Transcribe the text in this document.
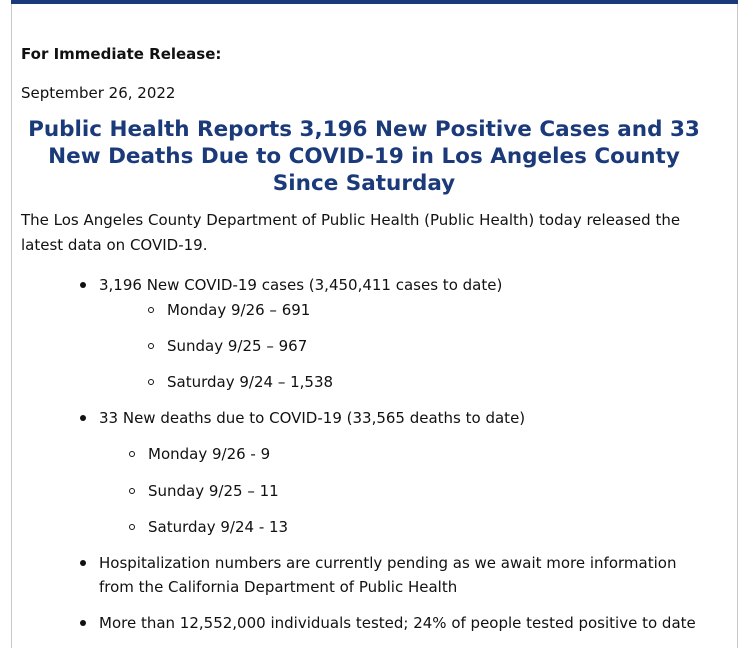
For Immediate Release:

September 26, 2022

Public Health Reports 3,196 New Positive Cases and 33
New Deaths Due to COVID-19 in Los Angeles County
Since Saturday

The Los Angeles County Department of Public Health (Public Health) today released the
latest data on COVID-19.

3,196 New COVID-19 cases (3,450,411 cases to date)
Monday 9/26 – 691
Sunday 9/25 – 967
Saturday 9/24 – 1,538
33 New deaths due to COVID-19 (33,565 deaths to date)
Monday 9/26 - 9
Sunday 9/25 – 11
Saturday 9/24 - 13
Hospitalization numbers are currently pending as we await more information
from the California Department of Public Health
More than 12,552,000 individuals tested; 24% of people tested positive to date
